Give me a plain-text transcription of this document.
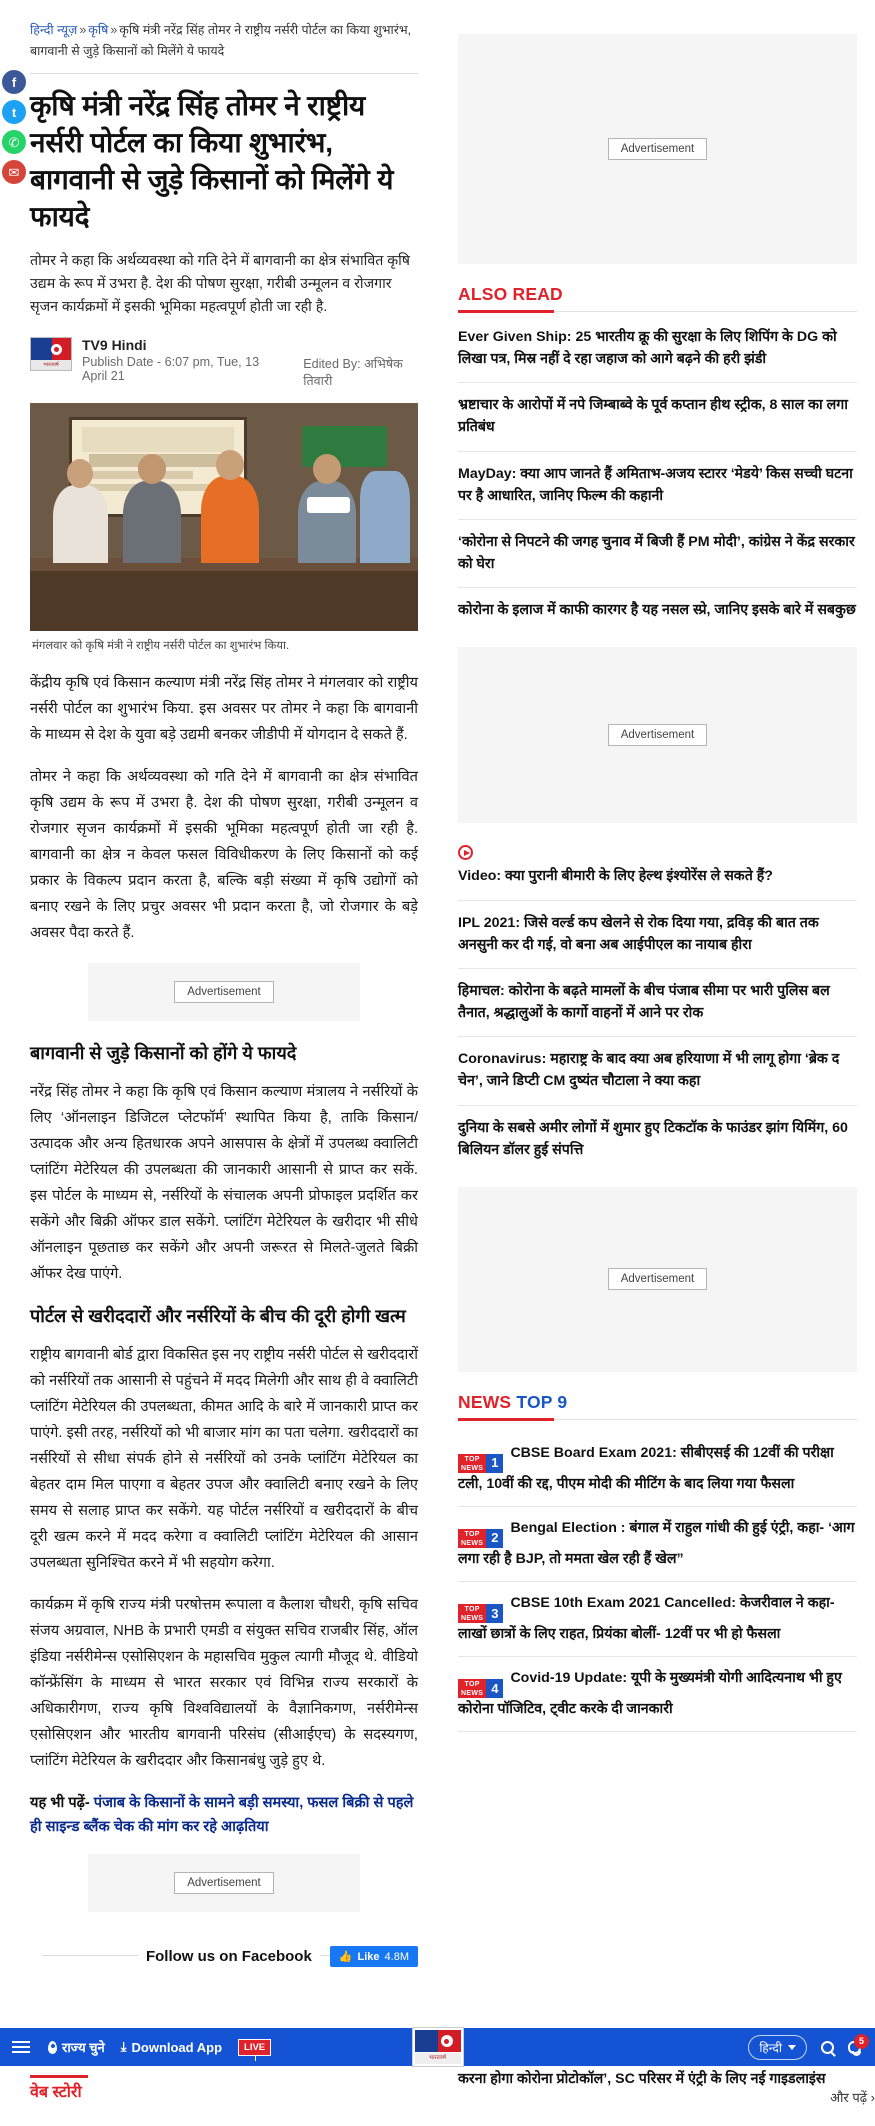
f
t
✆
✉
हिन्दी न्यूज़ » कृषि » कृषि मंत्री नरेंद्र सिंह तोमर ने राष्ट्रीय नर्सरी पोर्टल का किया शुभारंभ, बागवानी से जुड़े किसानों को मिलेंगे ये फायदे
कृषि मंत्री नरेंद्र सिंह तोमर ने राष्ट्रीय नर्सरी पोर्टल का किया शुभारंभ, बागवानी से जुड़े किसानों को मिलेंगे ये फायदे
तोमर ने कहा कि अर्थव्यवस्था को गति देने में बागवानी का क्षेत्र संभावित कृषि उद्यम के रूप में उभरा है. देश की पोषण सुरक्षा, गरीबी उन्मूलन व रोजगार सृजन कार्यक्रमों में इसकी भूमिका महत्वपूर्ण होती जा रही है.
भारतवर्ष
TV9 Hindi
Publish Date - 6:07 pm, Tue, 13 April 21
Edited By: अभिषेक तिवारी
मंगलवार को कृषि मंत्री ने राष्ट्रीय नर्सरी पोर्टल का शुभारंभ किया.

केंद्रीय कृषि एवं किसान कल्याण मंत्री नरेंद्र सिंह तोमर ने मंगलवार को राष्ट्रीय नर्सरी पोर्टल का शुभारंभ किया. इस अवसर पर तोमर ने कहा कि बागवानी के माध्यम से देश के युवा बड़े उद्यमी बनकर जीडीपी में योगदान दे सकते हैं.

तोमर ने कहा कि अर्थव्यवस्था को गति देने में बागवानी का क्षेत्र संभावित कृषि उद्यम के रूप में उभरा है. देश की पोषण सुरक्षा, गरीबी उन्मूलन व रोजगार सृजन कार्यक्रमों में इसकी भूमिका महत्वपूर्ण होती जा रही है. बागवानी का क्षेत्र न केवल फसल विविधीकरण के लिए किसानों को कई प्रकार के विकल्प प्रदान करता है, बल्कि बड़ी संख्या में कृषि उद्योगों को बनाए रखने के लिए प्रचुर अवसर भी प्रदान करता है, जो रोजगार के बड़े अवसर पैदा करते हैं.

Advertisement
बागवानी से जुड़े किसानों को होंगे ये फायदे

नरेंद्र सिंह तोमर ने कहा कि कृषि एवं किसान कल्याण मंत्रालय ने नर्सरियों के लिए ‘ऑनलाइन डिजिटल प्लेटफॉर्म’ स्थापित किया है, ताकि किसान/उत्पादक और अन्य हितधारक अपने आसपास के क्षेत्रों में उपलब्ध क्वालिटी प्लांटिंग मेटेरियल की उपलब्धता की जानकारी आसानी से प्राप्त कर सकें. इस पोर्टल के माध्यम से, नर्सरियों के संचालक अपनी प्रोफाइल प्रदर्शित कर सकेंगे और बिक्री ऑफर डाल सकेंगे. प्लांटिंग मेटेरियल के खरीदार भी सीधे ऑनलाइन पूछताछ कर सकेंगे और अपनी जरूरत से मिलते-जुलते बिक्री ऑफर देख पाएंगे.

पोर्टल से खरीददारों और नर्सरियों के बीच की दूरी होगी खत्म

राष्ट्रीय बागवानी बोर्ड द्वारा विकसित इस नए राष्ट्रीय नर्सरी पोर्टल से खरीददारों को नर्सरियों तक आसानी से पहुंचने में मदद मिलेगी और साथ ही वे क्वालिटी प्लांटिंग मेटेरियल की उपलब्धता, कीमत आदि के बारे में जानकारी प्राप्त कर पाएंगे. इसी तरह, नर्सरियों को भी बाजार मांग का पता चलेगा. खरीददारों का नर्सरियों से सीधा संपर्क होने से नर्सरियों को उनके प्लांटिंग मेटेरियल का बेहतर दाम मिल पाएगा व बेहतर उपज और क्वालिटी बनाए रखने के लिए समय से सलाह प्राप्त कर सकेंगे. यह पोर्टल नर्सरियों व खरीददारों के बीच दूरी खत्म करने में मदद करेगा व क्वालिटी प्लांटिंग मेटेरियल की आसान उपलब्धता सुनिश्चित करने में भी सहयोग करेगा.

कार्यक्रम में कृषि राज्य मंत्री परषोत्तम रूपाला व कैलाश चौधरी, कृषि सचिव संजय अग्रवाल, NHB के प्रभारी एमडी व संयुक्त सचिव राजबीर सिंह, ऑल इंडिया नर्सरीमेन्स एसोसिएशन के महासचिव मुकुल त्यागी मौजूद थे. वीडियो कॉन्फ्रेंसिंग के माध्यम से भारत सरकार एवं विभिन्न राज्य सरकारों के अधिकारीगण, राज्य कृषि विश्वविद्यालयों के वैज्ञानिकगण, नर्सरीमेन्स एसोसिएशन और भारतीय बागवानी परिसंघ (सीआईएच) के सदस्यगण, प्लांटिंग मेटेरियल के खरीददार और किसानबंधु जुड़े हुए थे.

यह भी पढ़ें- पंजाब के किसानों के सामने बड़ी समस्या, फसल बिक्री से पहले ही साइन्ड ब्लैंक चेक की मांग कर रहे आढ़तिया
Advertisement
Follow us on Facebook	👍 Like 4.8M
Advertisement
ALSO READ
Ever Given Ship: 25 भारतीय क्रू की सुरक्षा के लिए शिपिंग के DG को लिखा पत्र, मिस्र नहीं दे रहा जहाज को आगे बढ़ने की हरी झंडी
भ्रष्टाचार के आरोपों में नपे जिम्बाब्वे के पूर्व कप्तान हीथ स्ट्रीक, 8 साल का लगा प्रतिबंध
MayDay: क्या आप जानते हैं अमिताभ-अजय स्टारर ‘मेडये’ किस सच्ची घटना पर है आधारित, जानिए फिल्म की कहानी
‘कोरोना से निपटने की जगह चुनाव में बिजी हैं PM मोदी’, कांग्रेस ने केंद्र सरकार को घेरा
कोरोना के इलाज में काफी कारगर है यह नसल स्प्रे, जानिए इसके बारे में सबकुछ
Advertisement
Video: क्या पुरानी बीमारी के लिए हेल्थ इंश्योरेंस ले सकते हैं?
IPL 2021: जिसे वर्ल्ड कप खेलने से रोक दिया गया, द्रविड़ की बात तक अनसुनी कर दी गई, वो बना अब आईपीएल का नायाब हीरा
हिमाचल: कोरोना के बढ़ते मामलों के बीच पंजाब सीमा पर भारी पुलिस बल तैनात, श्रद्धालुओं के कार्गो वाहनों में आने पर रोक
Coronavirus: महाराष्ट्र के बाद क्या अब हरियाणा में भी लागू होगा ‘ब्रेक द चेन’, जाने डिप्टी CM दुष्यंत चौटाला ने क्या कहा
दुनिया के सबसे अमीर लोगों में शुमार हुए टिकटॉक के फाउंडर झांग यिमिंग, 60 बिलियन डॉलर हुई संपत्ति
Advertisement
NEWS TOP 9
TOP
NEWS 1
CBSE Board Exam 2021: सीबीएसई की 12वीं की परीक्षा टली, 10वीं की रद्द, पीएम मोदी की मीटिंग के बाद लिया गया फैसला
TOP
NEWS 2
Bengal Election : बंगाल में राहुल गांधी की हुई एंट्री, कहा- ‘आग लगा रही है BJP, तो ममता खेल रही हैं खेल”
TOP
NEWS 3
CBSE 10th Exam 2021 Cancelled: केजरीवाल ने कहा- लाखों छात्रों के लिए राहत, प्रियंका बोलीं- 12वीं पर भी हो फैसला
TOP
NEWS 4
Covid-19 Update: यूपी के मुख्यमंत्री योगी आदित्यनाथ भी हुए कोरोना पॉजिटिव, ट्वीट करके दी जानकारी
राज्य चुने ⤓ Download App	LIVE
भारतवर्ष
हिन्दी	5
वेब स्टोरी	और पढ़ें ›
करना होगा कोरोना प्रोटोकॉल’, SC परिसर में एंट्री के लिए नई गाइडलाइंस
